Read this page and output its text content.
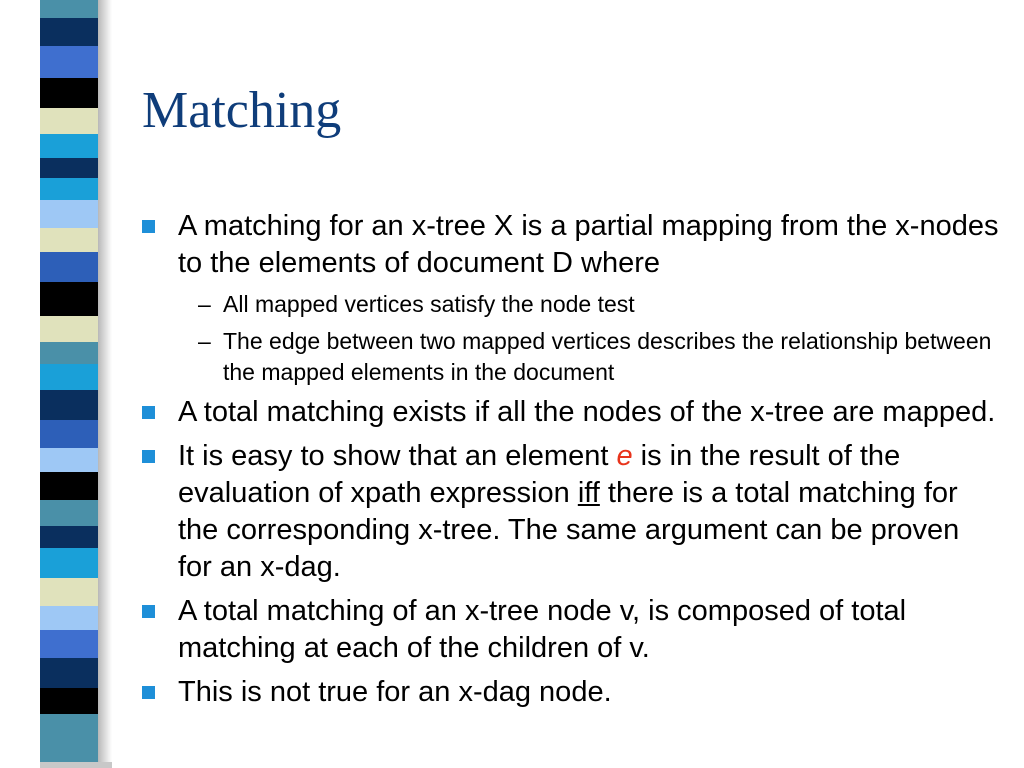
Matching
A matching for an x-tree X is a partial mapping from the x-nodes to the elements of document D where
– All mapped vertices satisfy the node test
– The edge between two mapped vertices describes the relationship between the mapped elements in the document
A total matching exists if all the nodes of the x-tree are mapped.
It is easy to show that an element e is in the result of the evaluation of xpath expression iff there is a total matching for the corresponding x-tree. The same argument can be proven for an x-dag.
A total matching of an x-tree node v, is composed of total matching at each of the children of v.
This is not true for an x-dag node.
